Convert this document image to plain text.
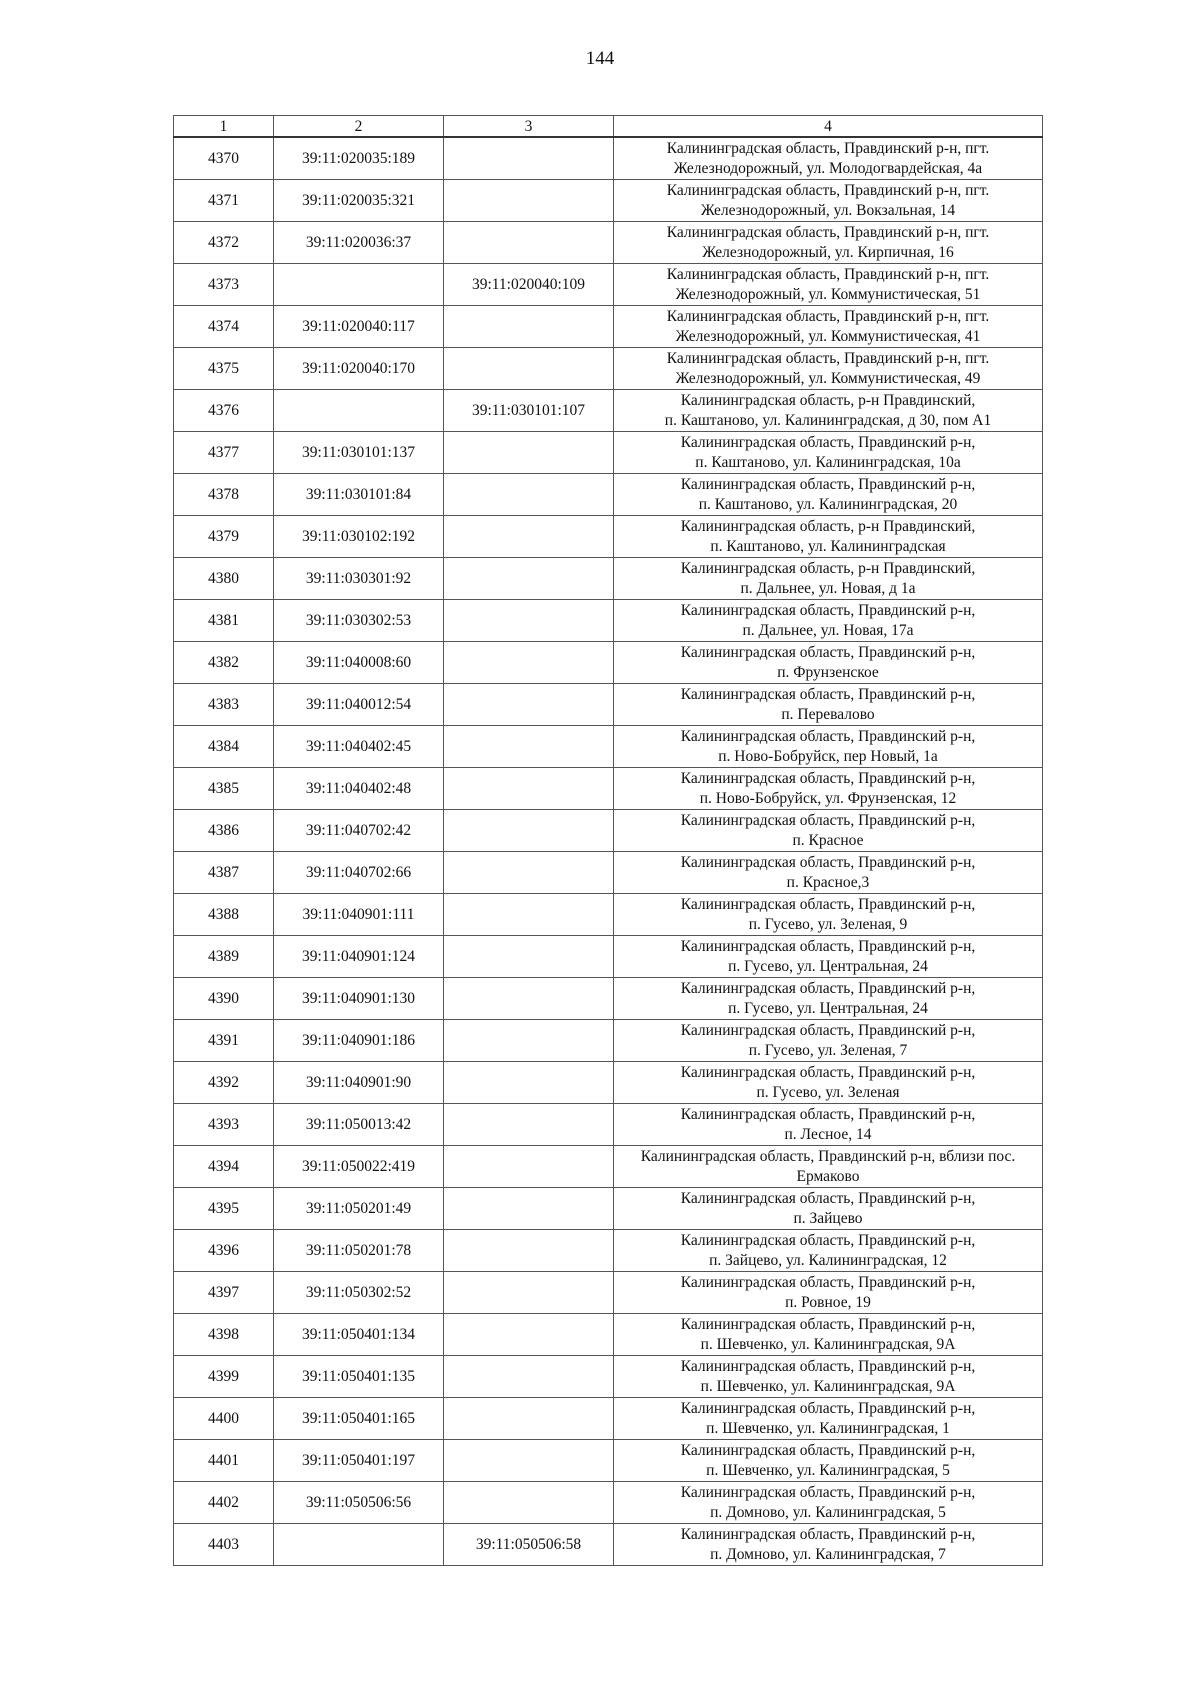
144
1	2	3	4
4370	39:11:020035:189		Калининградская область, Правдинский р-н, пгт.
Железнодорожный, ул. Молодогвардейская, 4а
4371	39:11:020035:321		Калининградская область, Правдинский р-н, пгт.
Железнодорожный, ул. Вокзальная, 14
4372	39:11:020036:37		Калининградская область, Правдинский р-н, пгт.
Железнодорожный, ул. Кирпичная, 16
4373		39:11:020040:109	Калининградская область, Правдинский р-н, пгт.
Железнодорожный, ул. Коммунистическая, 51
4374	39:11:020040:117		Калининградская область, Правдинский р-н, пгт.
Железнодорожный, ул. Коммунистическая, 41
4375	39:11:020040:170		Калининградская область, Правдинский р-н, пгт.
Железнодорожный, ул. Коммунистическая, 49
4376		39:11:030101:107	Калининградская область, р-н Правдинский,
п. Каштаново, ул. Калининградская, д 30, пом А1
4377	39:11:030101:137		Калининградская область, Правдинский р-н,
п. Каштаново, ул. Калининградская, 10а
4378	39:11:030101:84		Калининградская область, Правдинский р-н,
п. Каштаново, ул. Калининградская, 20
4379	39:11:030102:192		Калининградская область, р-н Правдинский,
п. Каштаново, ул. Калининградская
4380	39:11:030301:92		Калининградская область, р-н Правдинский,
п. Дальнее, ул. Новая, д 1а
4381	39:11:030302:53		Калининградская область, Правдинский р-н,
п. Дальнее, ул. Новая, 17а
4382	39:11:040008:60		Калининградская область, Правдинский р-н,
п. Фрунзенское
4383	39:11:040012:54		Калининградская область, Правдинский р-н,
п. Перевалово
4384	39:11:040402:45		Калининградская область, Правдинский р-н,
п. Ново-Бобруйск, пер Новый, 1а
4385	39:11:040402:48		Калининградская область, Правдинский р-н,
п. Ново-Бобруйск, ул. Фрунзенская, 12
4386	39:11:040702:42		Калининградская область, Правдинский р-н,
п. Красное
4387	39:11:040702:66		Калининградская область, Правдинский р-н,
п. Красное,3
4388	39:11:040901:111		Калининградская область, Правдинский р-н,
п. Гусево, ул. Зеленая, 9
4389	39:11:040901:124		Калининградская область, Правдинский р-н,
п. Гусево, ул. Центральная, 24
4390	39:11:040901:130		Калининградская область, Правдинский р-н,
п. Гусево, ул. Центральная, 24
4391	39:11:040901:186		Калининградская область, Правдинский р-н,
п. Гусево, ул. Зеленая, 7
4392	39:11:040901:90		Калининградская область, Правдинский р-н,
п. Гусево, ул. Зеленая
4393	39:11:050013:42		Калининградская область, Правдинский р-н,
п. Лесное, 14
4394	39:11:050022:419		Калининградская область, Правдинский р-н, вблизи пос.
Ермаково
4395	39:11:050201:49		Калининградская область, Правдинский р-н,
п. Зайцево
4396	39:11:050201:78		Калининградская область, Правдинский р-н,
п. Зайцево, ул. Калининградская, 12
4397	39:11:050302:52		Калининградская область, Правдинский р-н,
п. Ровное, 19
4398	39:11:050401:134		Калининградская область, Правдинский р-н,
п. Шевченко, ул. Калининградская, 9А
4399	39:11:050401:135		Калининградская область, Правдинский р-н,
п. Шевченко, ул. Калининградская, 9А
4400	39:11:050401:165		Калининградская область, Правдинский р-н,
п. Шевченко, ул. Калининградская, 1
4401	39:11:050401:197		Калининградская область, Правдинский р-н,
п. Шевченко, ул. Калининградская, 5
4402	39:11:050506:56		Калининградская область, Правдинский р-н,
п. Домново, ул. Калининградская, 5
4403		39:11:050506:58	Калининградская область, Правдинский р-н,
п. Домново, ул. Калининградская, 7
